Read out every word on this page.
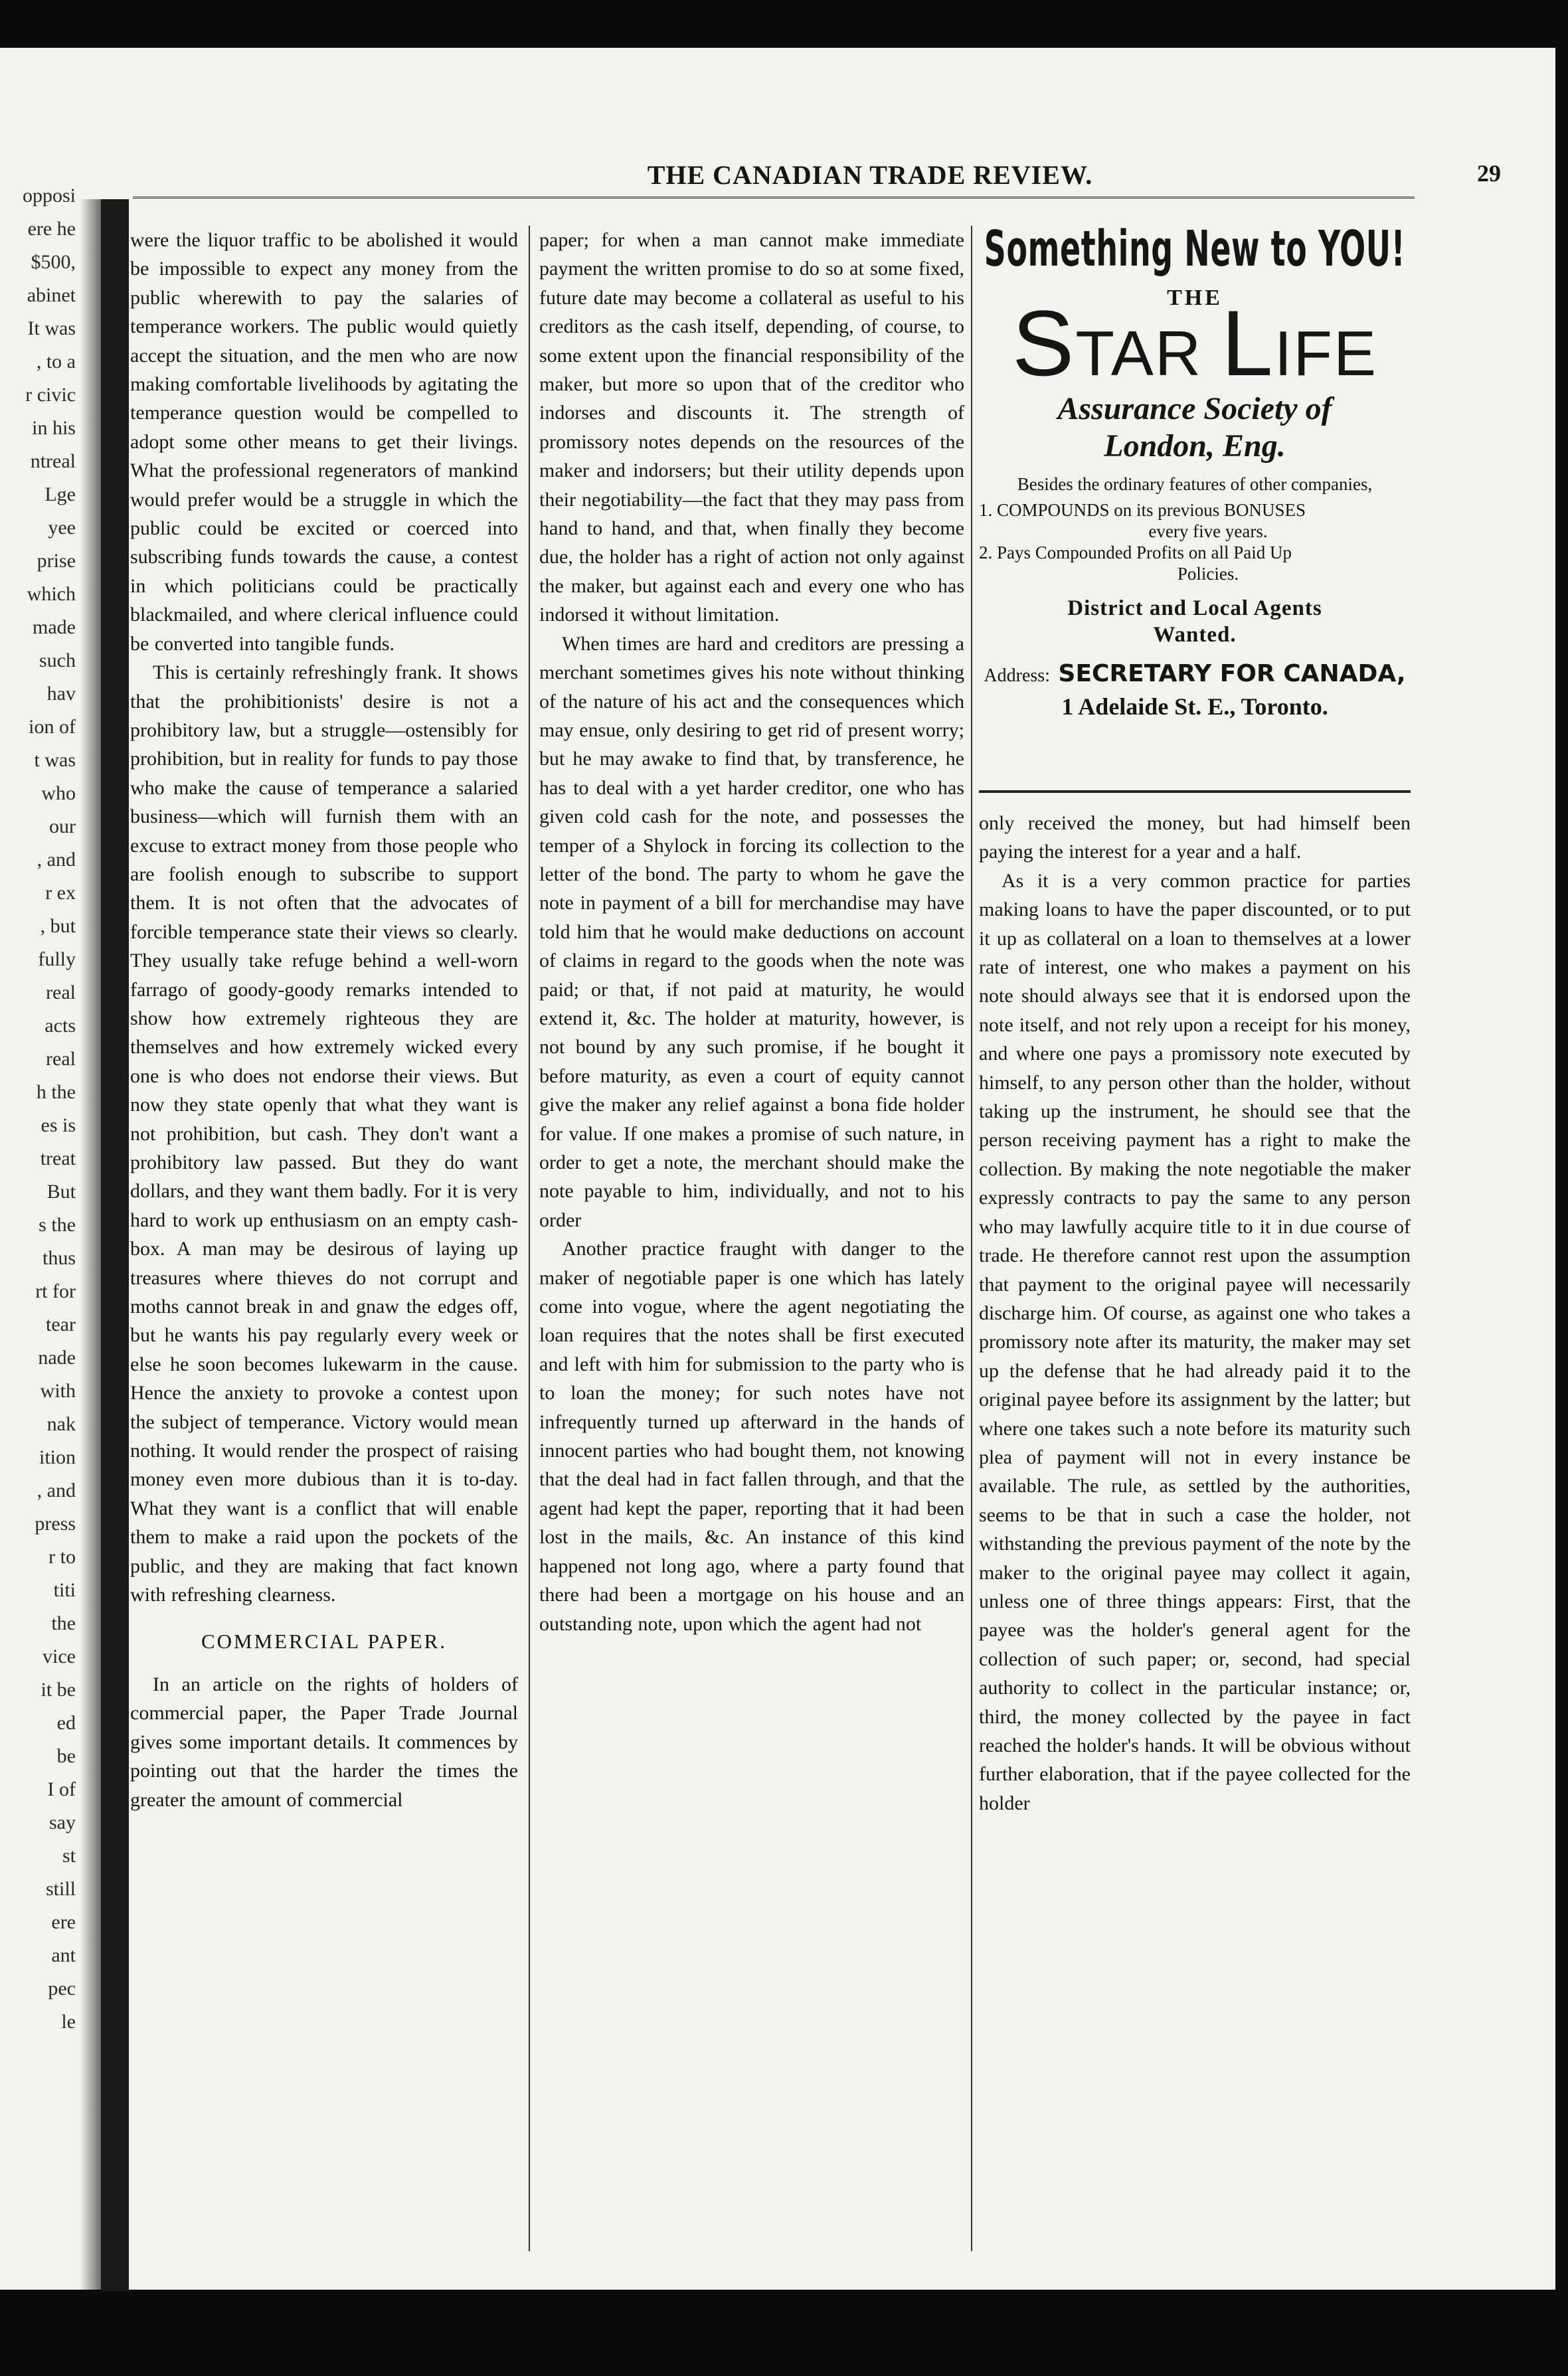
opposi

ere he

$500,

abinet

It was

, to a

r civic

in his

ntreal

Lge

yee

prise

which

made

such

hav

ion of

t was

who

our

, and

r ex

, but

fully

real

acts

real

h the

es is

treat

But

s the

thus

rt for

tear

nade

with

nak

ition

, and

press

r to

titi

the

vice

it be

ed

be

I of

say

st

still

ere

ant

pec

le

THE CANADIAN TRADE REVIEW.	29

were the liquor traffic to be abolished it would be impossible to expect any money from the public wherewith to pay the salaries of temperance workers. The public would quietly accept the situation, and the men who are now making comfortable livelihoods by agitating the temperance question would be compelled to adopt some other means to get their livings. What the professional regenerators of mankind would prefer would be a struggle in which the public could be excited or coerced into subscribing funds towards the cause, a contest in which politicians could be practically blackmailed, and where clerical influence could be converted into tangible funds.

This is certainly refreshingly frank. It shows that the prohibitionists' desire is not a prohibitory law, but a struggle—ostensibly for prohibition, but in reality for funds to pay those who make the cause of temperance a salaried business—which will furnish them with an excuse to extract money from those people who are foolish enough to subscribe to support them. It is not often that the advocates of forcible temperance state their views so clearly. They usually take refuge behind a well-worn farrago of goody-goody remarks intended to show how extremely righteous they are themselves and how extremely wicked every one is who does not endorse their views. But now they state openly that what they want is not prohibition, but cash. They don't want a prohibitory law passed. But they do want dollars, and they want them badly. For it is very hard to work up enthusiasm on an empty cash-box. A man may be desirous of laying up treasures where thieves do not corrupt and moths cannot break in and gnaw the edges off, but he wants his pay regularly every week or else he soon becomes lukewarm in the cause. Hence the anxiety to provoke a contest upon the subject of temperance. Victory would mean nothing. It would render the prospect of raising money even more dubious than it is to-day. What they want is a conflict that will enable them to make a raid upon the pockets of the public, and they are making that fact known with refreshing clearness.

COMMERCIAL PAPER.

In an article on the rights of holders of commercial paper, the Paper Trade Journal gives some important details. It commences by pointing out that the harder the times the greater the amount of commercial

paper; for when a man cannot make immediate payment the written promise to do so at some fixed, future date may become a collateral as useful to his creditors as the cash itself, depending, of course, to some extent upon the financial responsibility of the maker, but more so upon that of the creditor who indorses and discounts it. The strength of promissory notes depends on the resources of the maker and indorsers; but their utility depends upon their negotiability—the fact that they may pass from hand to hand, and that, when finally they become due, the holder has a right of action not only against the maker, but against each and every one who has indorsed it without limitation.

When times are hard and creditors are pressing a merchant sometimes gives his note without thinking of the nature of his act and the consequences which may ensue, only desiring to get rid of present worry; but he may awake to find that, by transference, he has to deal with a yet harder creditor, one who has given cold cash for the note, and possesses the temper of a Shylock in forcing its collection to the letter of the bond. The party to whom he gave the note in payment of a bill for merchandise may have told him that he would make deductions on account of claims in regard to the goods when the note was paid; or that, if not paid at maturity, he would extend it, &c. The holder at maturity, however, is not bound by any such promise, if he bought it before maturity, as even a court of equity cannot give the maker any relief against a bona fide holder for value. If one makes a promise of such nature, in order to get a note, the merchant should make the note payable to him, individually, and not to his order

Another practice fraught with danger to the maker of negotiable paper is one which has lately come into vogue, where the agent negotiating the loan requires that the notes shall be first executed and left with him for submission to the party who is to loan the money; for such notes have not infrequently turned up afterward in the hands of innocent parties who had bought them, not knowing that the deal had in fact fallen through, and that the agent had kept the paper, reporting that it had been lost in the mails, &c. An instance of this kind happened not long ago, where a party found that there had been a mortgage on his house and an outstanding note, upon which the agent had not

Something New to YOU!
THE
STAR LIFE
Assurance Society of
London, Eng.
Besides the ordinary features of other companies,
1. COMPOUNDS on its previous BONUSES
every five years.
2. Pays Compounded Profits on all Paid Up
Policies.
District and Local Agents
Wanted.
Address: SECRETARY FOR CANADA,
1 Adelaide St. E., Toronto.

only received the money, but had himself been paying the interest for a year and a half.

As it is a very common practice for parties making loans to have the paper discounted, or to put it up as collateral on a loan to themselves at a lower rate of interest, one who makes a payment on his note should always see that it is endorsed upon the note itself, and not rely upon a receipt for his money, and where one pays a promissory note executed by himself, to any person other than the holder, without taking up the instrument, he should see that the person receiving payment has a right to make the collection. By making the note negotiable the maker expressly contracts to pay the same to any person who may lawfully acquire title to it in due course of trade. He therefore cannot rest upon the assumption that payment to the original payee will necessarily discharge him. Of course, as against one who takes a promissory note after its maturity, the maker may set up the defense that he had already paid it to the original payee before its assignment by the latter; but where one takes such a note before its maturity such plea of payment will not in every instance be available. The rule, as settled by the authorities, seems to be that in such a case the holder, not withstanding the previous payment of the note by the maker to the original payee may collect it again, unless one of three things appears: First, that the payee was the holder's general agent for the collection of such paper; or, second, had special authority to collect in the particular instance; or, third, the money collected by the payee in fact reached the holder's hands. It will be obvious without further elaboration, that if the payee collected for the holder
